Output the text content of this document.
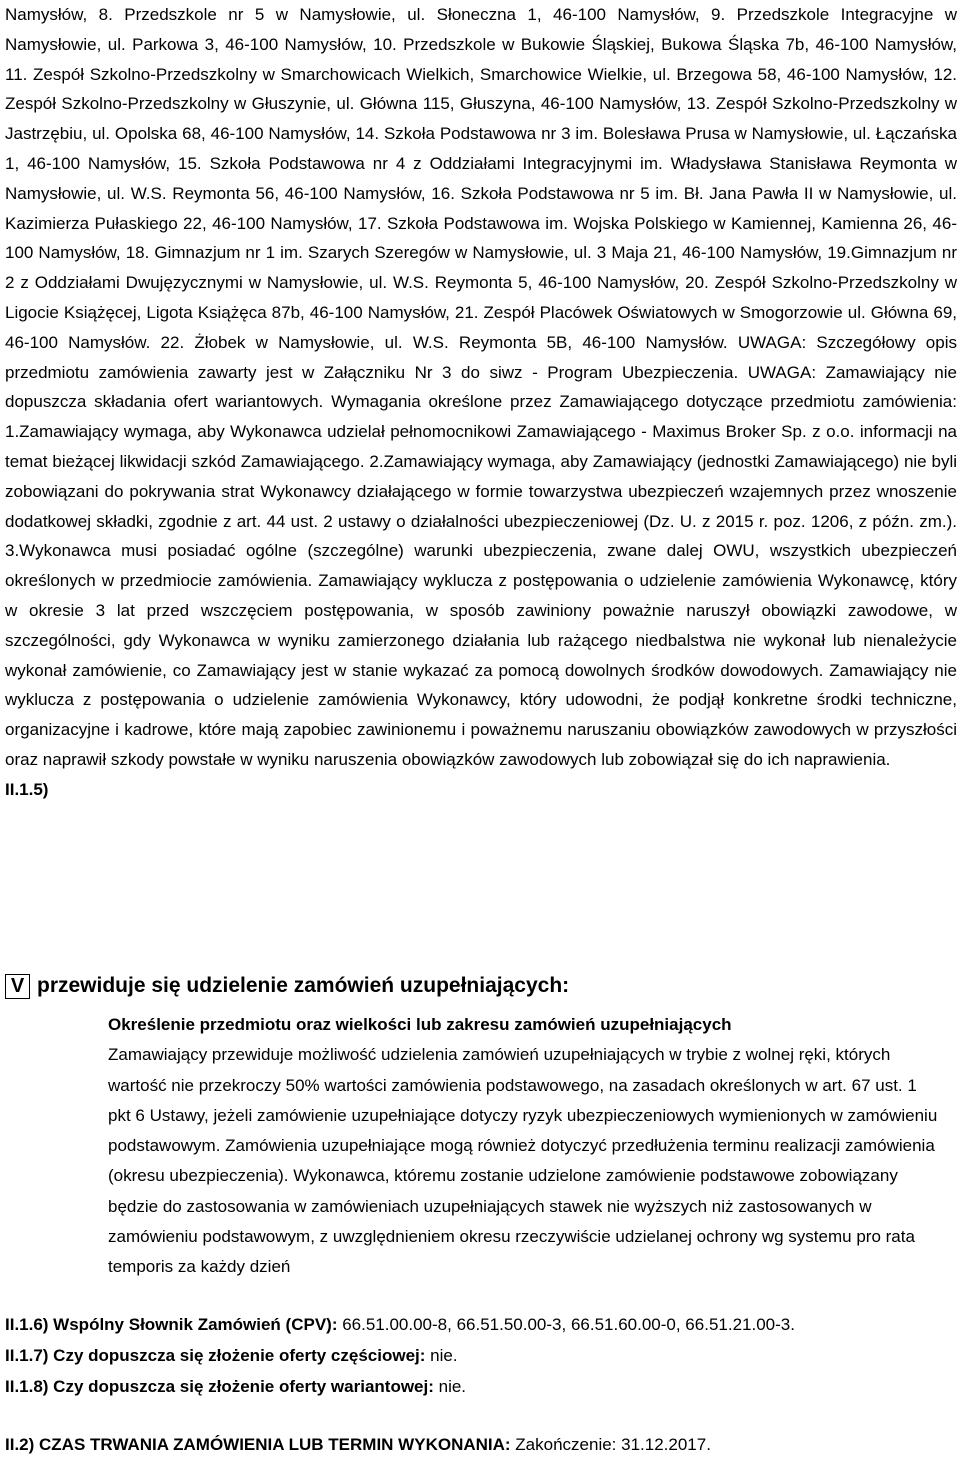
Namysłów, 8. Przedszkole nr 5 w Namysłowie, ul. Słoneczna 1, 46-100 Namysłów, 9. Przedszkole Integracyjne w Namysłowie, ul. Parkowa 3, 46-100 Namysłów, 10. Przedszkole w Bukowie Śląskiej, Bukowa Śląska 7b, 46-100 Namysłów, 11. Zespół Szkolno-Przedszkolny w Smarchowicach Wielkich, Smarchowice Wielkie, ul. Brzegowa 58, 46-100 Namysłów, 12. Zespół Szkolno-Przedszkolny w Głuszynie, ul. Główna 115, Głuszyna, 46-100 Namysłów, 13. Zespół Szkolno-Przedszkolny w Jastrzębiu, ul. Opolska 68, 46-100 Namysłów, 14. Szkoła Podstawowa nr 3 im. Bolesława Prusa w Namysłowie, ul. Łączańska 1, 46-100 Namysłów, 15. Szkoła Podstawowa nr 4 z Oddziałami Integracyjnymi im. Władysława Stanisława Reymonta w Namysłowie, ul. W.S. Reymonta 56, 46-100 Namysłów, 16. Szkoła Podstawowa nr 5 im. Bł. Jana Pawła II w Namysłowie, ul. Kazimierza Pułaskiego 22, 46-100 Namysłów, 17. Szkoła Podstawowa im. Wojska Polskiego w Kamiennej, Kamienna 26, 46-100 Namysłów, 18. Gimnazjum nr 1 im. Szarych Szeregów w Namysłowie, ul. 3 Maja 21, 46-100 Namysłów, 19.Gimnazjum nr 2 z Oddziałami Dwujęzycznymi w Namysłowie, ul. W.S. Reymonta 5, 46-100 Namysłów, 20. Zespół Szkolno-Przedszkolny w Ligocie Książęcej, Ligota Książęca 87b, 46-100 Namysłów, 21. Zespół Placówek Oświatowych w Smogorzowie ul. Główna 69, 46-100 Namysłów. 22. Żłobek w Namysłowie, ul. W.S. Reymonta 5B, 46-100 Namysłów. UWAGA: Szczegółowy opis przedmiotu zamówienia zawarty jest w Załączniku Nr 3 do siwz - Program Ubezpieczenia. UWAGA: Zamawiający nie dopuszcza składania ofert wariantowych. Wymagania określone przez Zamawiającego dotyczące przedmiotu zamówienia: 1.Zamawiający wymaga, aby Wykonawca udzielał pełnomocnikowi Zamawiającego - Maximus Broker Sp. z o.o. informacji na temat bieżącej likwidacji szkód Zamawiającego. 2.Zamawiający wymaga, aby Zamawiający (jednostki Zamawiającego) nie byli zobowiązani do pokrywania strat Wykonawcy działającego w formie towarzystwa ubezpieczeń wzajemnych przez wnoszenie dodatkowej składki, zgodnie z art. 44 ust. 2 ustawy o działalności ubezpieczeniowej (Dz. U. z 2015 r. poz. 1206, z późn. zm.). 3.Wykonawca musi posiadać ogólne (szczególne) warunki ubezpieczenia, zwane dalej OWU, wszystkich ubezpieczeń określonych w przedmiocie zamówienia. Zamawiający wyklucza z postępowania o udzielenie zamówienia Wykonawcę, który w okresie 3 lat przed wszczęciem postępowania, w sposób zawiniony poważnie naruszył obowiązki zawodowe, w szczególności, gdy Wykonawca w wyniku zamierzonego działania lub rażącego niedbalstwa nie wykonał lub nienależycie wykonał zamówienie, co Zamawiający jest w stanie wykazać za pomocą dowolnych środków dowodowych. Zamawiający nie wyklucza z postępowania o udzielenie zamówienia Wykonawcy, który udowodni, że podjął konkretne środki techniczne, organizacyjne i kadrowe, które mają zapobiec zawinionemu i poważnemu naruszaniu obowiązków zawodowych w przyszłości oraz naprawił szkody powstałe w wyniku naruszenia obowiązków zawodowych lub zobowiązał się do ich naprawienia.
II.1.5)
V przewiduje się udzielenie zamówień uzupełniających:
Określenie przedmiotu oraz wielkości lub zakresu zamówień uzupełniających
Zamawiający przewiduje możliwość udzielenia zamówień uzupełniających w trybie z wolnej ręki, których wartość nie przekroczy 50% wartości zamówienia podstawowego, na zasadach określonych w art. 67 ust. 1 pkt 6 Ustawy, jeżeli zamówienie uzupełniające dotyczy ryzyk ubezpieczeniowych wymienionych w zamówieniu podstawowym. Zamówienia uzupełniające mogą również dotyczyć przedłużenia terminu realizacji zamówienia (okresu ubezpieczenia). Wykonawca, któremu zostanie udzielone zamówienie podstawowe zobowiązany będzie do zastosowania w zamówieniach uzupełniających stawek nie wyższych niż zastosowanych w zamówieniu podstawowym, z uwzględnieniem okresu rzeczywiście udzielanej ochrony wg systemu pro rata temporis za każdy dzień
II.1.6) Wspólny Słownik Zamówień (CPV): 66.51.00.00-8, 66.51.50.00-3, 66.51.60.00-0, 66.51.21.00-3.
II.1.7) Czy dopuszcza się złożenie oferty częściowej: nie.
II.1.8) Czy dopuszcza się złożenie oferty wariantowej: nie.
II.2) CZAS TRWANIA ZAMÓWIENIA LUB TERMIN WYKONANIA: Zakończenie: 31.12.2017.
